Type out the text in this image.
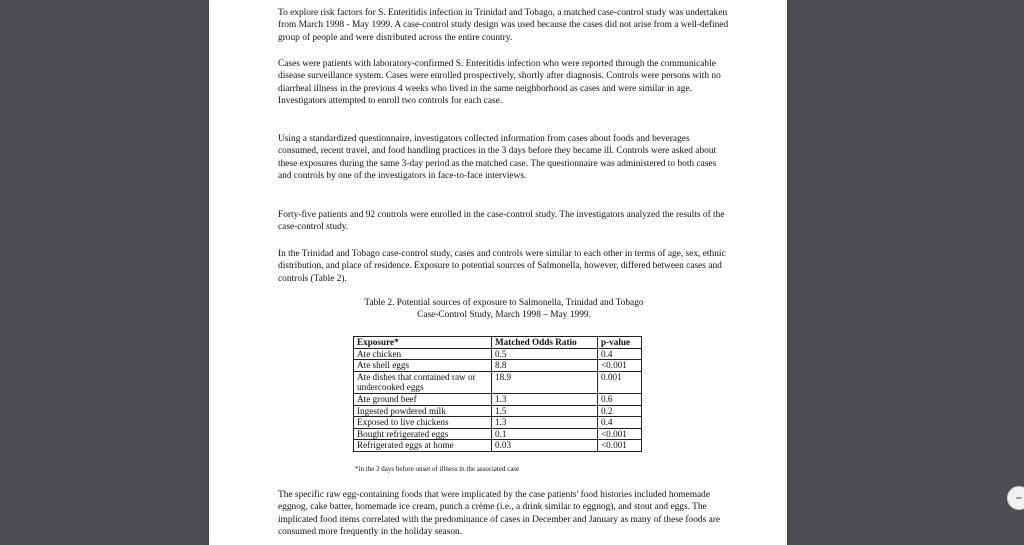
To explore risk factors for S. Enteritidis infection in Trinidad and Tobago, a matched case-control study was undertaken from March 1998 - May 1999. A case-control study design was used because the cases did not arise from a well-defined group of people and were distributed across the entire country.

Cases were patients with laboratory-confirmed S. Enteritidis infection who were reported through the communicable disease surveillance system. Cases were enrolled prospectively, shortly after diagnosis. Controls were persons with no diarrheal illness in the previous 4 weeks who lived in the same neighborhood as cases and were similar in age. Investigators attempted to enroll two controls for each case.

Using a standardized questionnaire, investigators collected information from cases about foods and beverages consumed, recent travel, and food handling practices in the 3 days before they became ill. Controls were asked about these exposures during the same 3-day period as the matched case. The questionnaire was administered to both cases and controls by one of the investigators in face-to-face interviews.

Forty-five patients and 92 controls were enrolled in the case-control study. The investigators analyzed the results of the case-control study.

In the Trinidad and Tobago case-control study, cases and controls were similar to each other in terms of age, sex, ethnic distribution, and place of residence. Exposure to potential sources of Salmonella, however, differed between cases and controls (Table 2).

Table 2. Potential sources of exposure to Salmonella, Trinidad and Tobago
Case-Control Study, March 1998 – May 1999.
Exposure*	Matched Odds Ratio	p-value
Ate chicken	0.5	0.4
Ate shell eggs	8.8	<0.001
Ate dishes that contained raw or undercooked eggs	18.9	0.001
Ate ground beef	1.3	0.6
Ingested powdered milk	1.5	0.2
Exposed to live chickens	1.3	0.4
Bought refrigerated eggs	0.1	<0.001
Refrigerated eggs at home	0.03	<0.001
*in the 3 days before onset of illness in the associated case

The specific raw egg-containing foods that were implicated by the case patients' food histories included homemade eggnog, cake batter, homemade ice cream, punch a crème (i.e., a drink similar to eggnog), and stout and eggs. The implicated food items correlated with the predominance of cases in December and January as many of these foods are consumed more frequently in the holiday season.

–
